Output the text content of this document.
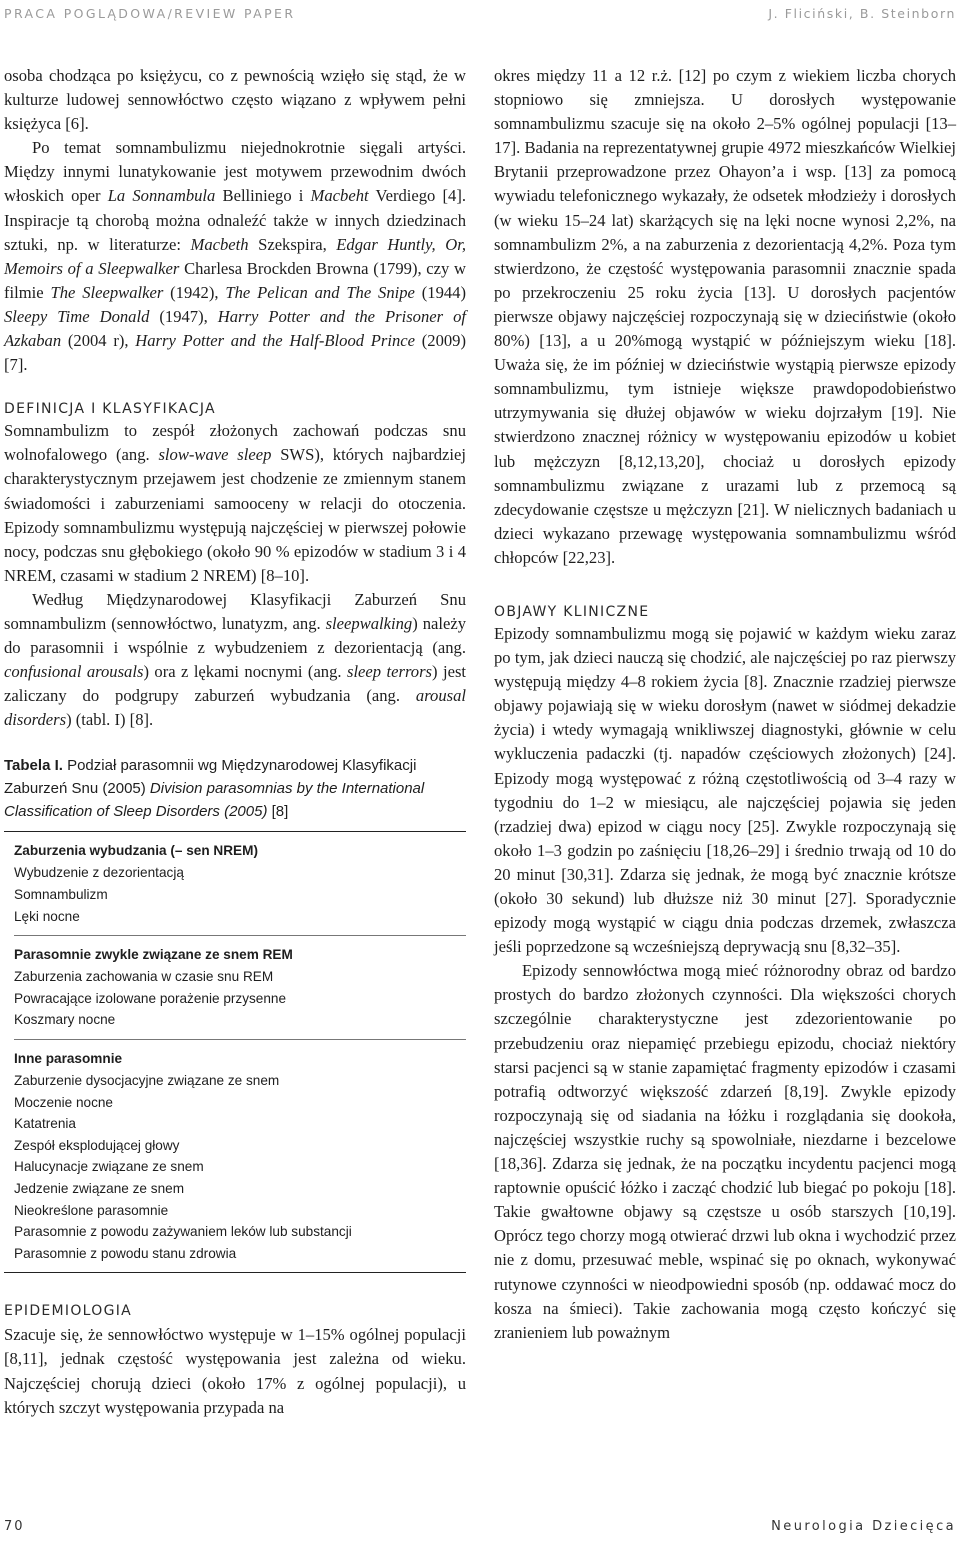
PRACA POGLĄDOWA/REVIEW PAPER	J. Fliciński, B. Steinborn

osoba chodząca po księżycu, co z pewnością wzięło się stąd, że w kulturze ludowej sennowłóctwo często wiązano z wpływem pełni księżyca [6].

Po temat somnambulizmu niejednokrotnie sięgali artyści. Między innymi lunatykowanie jest motywem przewodnim dwóch włoskich oper La Sonnambula Belliniego i Macbeht Verdiego [4]. Inspiracje tą chorobą można odnaleźć także w innych dziedzinach sztuki, np. w literaturze: Macbeth Szekspira, Edgar Huntly, Or, Memoirs of a Sleepwalker Charlesa Brockden Browna (1799), czy w filmie The Sleepwalker (1942), The Pelican and The Snipe (1944) Sleepy Time Donald (1947), Harry Potter and the Prisoner of Azkaban (2004 r), Harry Potter and the Half-Blood Prince (2009) [7].

DEFINICJA I KLASYFIKACJA

Somnambulizm to zespół złożonych zachowań podczas snu wolnofalowego (ang. slow-wave sleep SWS), których najbardziej charakterystycznym przejawem jest chodzenie ze zmiennym stanem świadomości i zaburzeniami samooceny w relacji do otoczenia. Epizody somnambulizmu występują najczęściej w pierwszej połowie nocy, podczas snu głębokiego (około 90 % epizodów w stadium 3 i 4 NREM, czasami w stadium 2 NREM) [8–10].

Według Międzynarodowej Klasyfikacji Zaburzeń Snu somnambulizm (sennowłóctwo, lunatyzm, ang. sleepwalking) należy do parasomnii i wspólnie z wybudzeniem z dezorientacją (ang. confusional arousals) ora z lękami nocnymi (ang. sleep terrors) jest zaliczany do podgrupy zaburzeń wybudzania (ang. arousal disorders) (tabl. I) [8].

Tabela I. Podział parasomnii wg Międzynarodowej Klasyfikacji Zaburzeń Snu (2005) Division parasomnias by the International Classification of Sleep Disorders (2005) [8]
Zaburzenia wybudzania (– sen NREM)
Wybudzenie z dezorientacją
Somnambulizm
Lęki nocne
Parasomnie zwykle związane ze snem REM
Zaburzenia zachowania w czasie snu REM
Powracające izolowane porażenie przysenne
Koszmary nocne
Inne parasomnie
Zaburzenie dysocjacyjne związane ze snem
Moczenie nocne
Katatrenia
Zespół eksplodującej głowy
Halucynacje związane ze snem
Jedzenie związane ze snem
Nieokreślone parasomnie
Parasomnie z powodu zażywaniem leków lub substancji
Parasomnie z powodu stanu zdrowia
EPIDEMIOLOGIA

Szacuje się, że sennowłóctwo występuje w 1–15% ogólnej populacji [8,11], jednak częstość występowania jest zależna od wieku. Najczęściej chorują dzieci (około 17% z ogólnej populacji), u których szczyt występowania przypada na

okres między 11 a 12 r.ż. [12] po czym z wiekiem liczba chorych stopniowo się zmniejsza. U dorosłych występowanie somnambulizmu szacuje się na około 2–5% ogólnej populacji [13–17]. Badania na reprezentatywnej grupie 4972 mieszkańców Wielkiej Brytanii przeprowadzone przez Ohayon’a i wsp. [13] za pomocą wywiadu telefonicznego wykazały, że odsetek młodzieży i dorosłych (w wieku 15–24 lat) skarżących się na lęki nocne wynosi 2,2%, na somnambulizm 2%, a na zaburzenia z dezorientacją 4,2%. Poza tym stwierdzono, że częstość występowania parasomnii znacznie spada po przekroczeniu 25 roku życia [13]. U dorosłych pacjentów pierwsze objawy najczęściej rozpoczynają się w dzieciństwie (około 80%) [13], a u 20%mogą wystąpić w późniejszym wieku [18]. Uważa się, że im później w dzieciństwie wystąpią pierwsze epizody somnambulizmu, tym istnieje większe prawdopodobieństwo utrzymywania się dłużej objawów w wieku dojrzałym [19]. Nie stwierdzono znacznej różnicy w występowaniu epizodów u kobiet lub mężczyzn [8,12,13,20], chociaż u dorosłych epizody somnambulizmu związane z urazami lub z przemocą są zdecydowanie częstsze u mężczyzn [21]. W nielicznych badaniach u dzieci wykazano przewagę występowania somnambulizmu wśród chłopców [22,23].

OBJAWY KLINICZNE

Epizody somnambulizmu mogą się pojawić w każdym wieku zaraz po tym, jak dzieci nauczą się chodzić, ale najczęściej po raz pierwszy występują między 4–8 rokiem życia [8]. Znacznie rzadziej pierwsze objawy pojawiają się w wieku dorosłym (nawet w siódmej dekadzie życia) i wtedy wymagają wnikliwszej diagnostyki, głównie w celu wykluczenia padaczki (tj. napadów częściowych złożonych) [24]. Epizody mogą występować z różną częstotliwością od 3–4 razy w tygodniu do 1–2 w miesiącu, ale najczęściej pojawia się jeden (rzadziej dwa) epizod w ciągu nocy [25]. Zwykle rozpoczynają się około 1–3 godzin po zaśnięciu [18,26–29] i średnio trwają od 10 do 20 minut [30,31]. Zdarza się jednak, że mogą być znacznie krótsze (około 30 sekund) lub dłuższe niż 30 minut [27]. Sporadycznie epizody mogą wystąpić w ciągu dnia podczas drzemek, zwłaszcza jeśli poprzedzone są wcześniejszą deprywacją snu [8,32–35].

Epizody sennowłóctwa mogą mieć różnorodny obraz od bardzo prostych do bardzo złożonych czynności. Dla większości chorych szczególnie charakterystyczne jest zdezorientowanie po przebudzeniu oraz niepamięć przebiegu epizodu, chociaż niektóry starsi pacjenci są w stanie zapamiętać fragmenty epizodów i czasami potrafią odtworzyć większość zdarzeń [8,19]. Zwykle epizody rozpoczynają się od siadania na łóżku i rozglądania się dookoła, najczęściej wszystkie ruchy są spowolniałe, niezdarne i bezcelowe [18,36]. Zdarza się jednak, że na początku incydentu pacjenci mogą raptownie opuścić łóżko i zacząć chodzić lub biegać po pokoju [18]. Takie gwałtowne objawy są częstsze u osób starszych [10,19]. Oprócz tego chorzy mogą otwierać drzwi lub okna i wychodzić przez nie z domu, przesuwać meble, wspinać się po oknach, wykonywać rutynowe czynności w nieodpowiedni sposób (np. oddawać mocz do kosza na śmieci). Takie zachowania mogą często kończyć się zranieniem lub poważnym

70	Neurologia Dziecięca
